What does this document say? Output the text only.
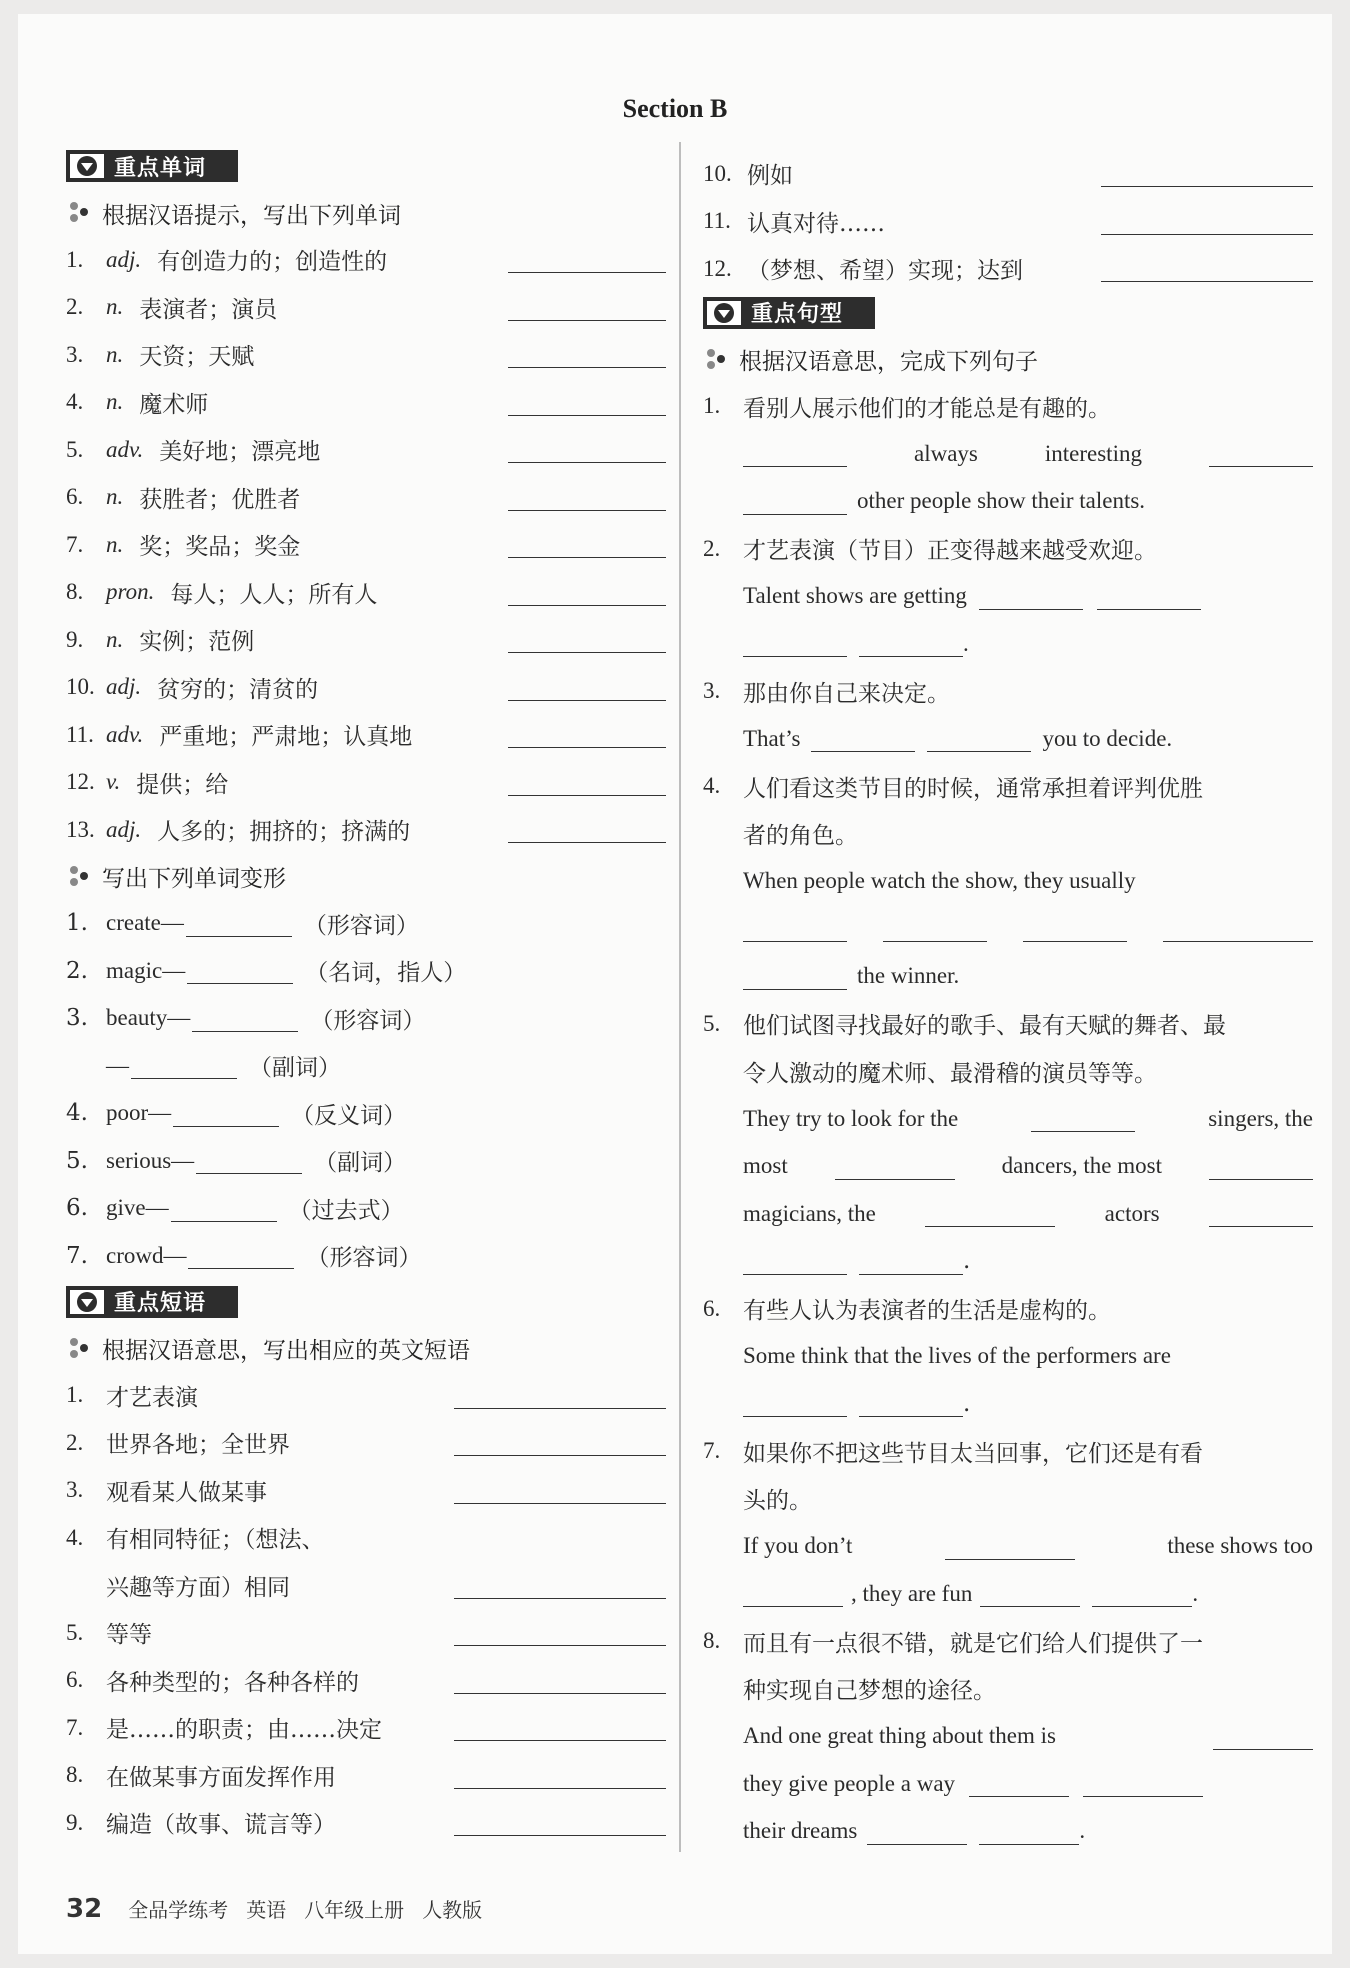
Section B
重点单词
根据汉语提示，写出下列单词
1. adj. 有创造力的；创造性的
2. n. 表演者；演员
3. n. 天资；天赋
4. n. 魔术师
5. adv. 美好地；漂亮地
6. n. 获胜者；优胜者
7. n. 奖；奖品；奖金
8. pron. 每人；人人；所有人
9. n. 实例；范例
10. adj. 贫穷的；清贫的
11. adv. 严重地；严肃地；认真地
12. v. 提供；给
13. adj. 人多的；拥挤的；挤满的
写出下列单词变形
1. create—	（形容词）
2. magic—	（名词，指人）
3. beauty—	（形容词）
—	（副词）
4. poor—	（反义词）
5. serious—	（副词）
6. give—	（过去式）
7. crowd—	（形容词）
重点短语
根据汉语意思，写出相应的英文短语
1. 才艺表演
2. 世界各地；全世界
3. 观看某人做某事
4. 有相同特征；（想法、
兴趣等方面）相同
5. 等等
6. 各种类型的；各种各样的
7. 是……的职责；由……决定
8. 在做某事方面发挥作用
9. 编造（故事、谎言等）
10. 例如
11. 认真对待……
12. （梦想、希望）实现；达到
重点句型
根据汉语意思，完成下列句子
1. 看别人展示他们的才能总是有趣的。
always	interesting
other people show their talents.
2. 才艺表演（节目）正变得越来越受欢迎。
Talent shows are getting
.
3. 那由你自己来决定。
That’s	you to decide.
4. 人们看这类节目的时候，通常承担着评判优胜
者的角色。
When people watch the show, they usually
the winner.
5. 他们试图寻找最好的歌手、最有天赋的舞者、最
令人激动的魔术师、最滑稽的演员等等。
They try to look for the	singers, the
most	dancers, the most
magicians, the	actors
.
6. 有些人认为表演者的生活是虚构的。
Some think that the lives of the performers are
.
7. 如果你不把这些节目太当回事，它们还是有看
头的。
If you don’t	these shows too
, they are fun	.
8. 而且有一点很不错，就是它们给人们提供了一
种实现自己梦想的途径。
And one great thing about them is
they give people a way
their dreams	.
32 全品学练考 英语 八年级上册 人教版
